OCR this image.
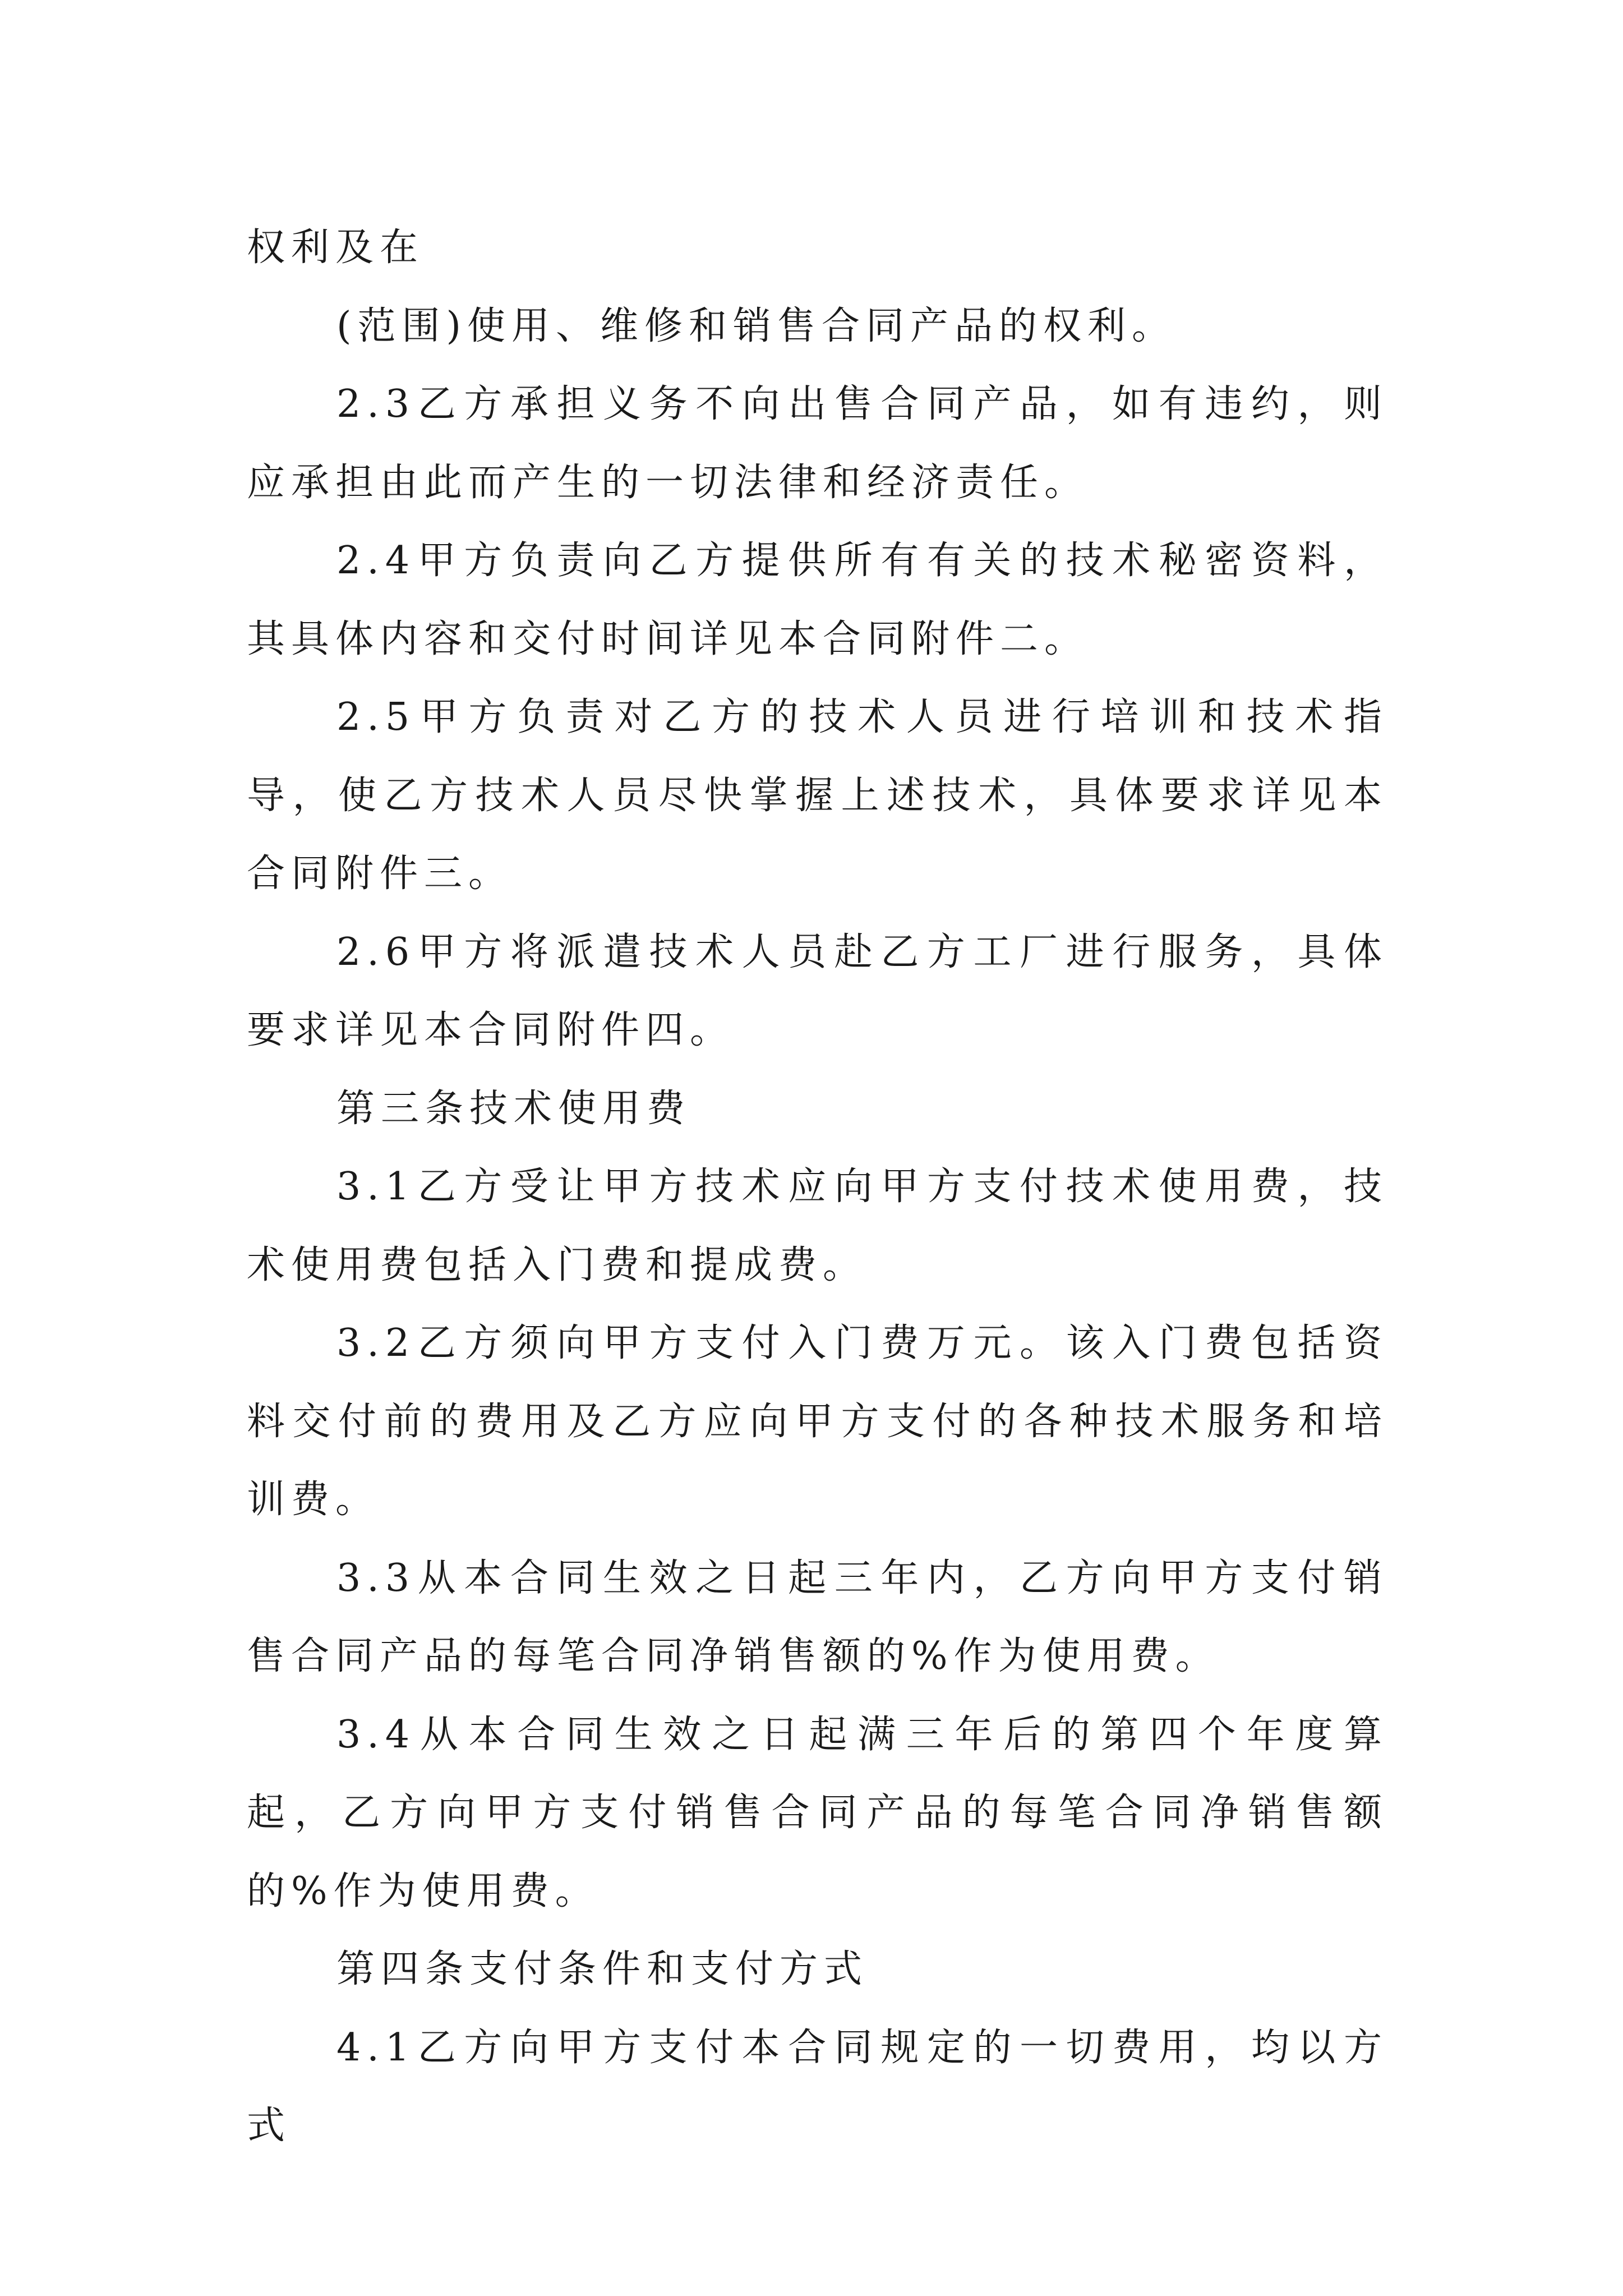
权利及在

(范围)使用、维修和销售合同产品的权利。

2.3乙方承担义务不向出售合同产品，如有违约，则应承担由此而产生的一切法律和经济责任。

2.4甲方负责向乙方提供所有有关的技术秘密资料，其具体内容和交付时间详见本合同附件二。

2.5甲方负责对乙方的技术人员进行培训和技术指导，使乙方技术人员尽快掌握上述技术，具体要求详见本合同附件三。

2.6甲方将派遣技术人员赴乙方工厂进行服务，具体要求详见本合同附件四。

第三条技术使用费

3.1乙方受让甲方技术应向甲方支付技术使用费，技术使用费包括入门费和提成费。

3.2乙方须向甲方支付入门费万元。该入门费包括资料交付前的费用及乙方应向甲方支付的各种技术服务和培训费。

3.3从本合同生效之日起三年内，乙方向甲方支付销售合同产品的每笔合同净销售额的%作为使用费。

3.4从本合同生效之日起满三年后的第四个年度算起，乙方向甲方支付销售合同产品的每笔合同净销售额的%作为使用费。

第四条支付条件和支付方式

4.1乙方向甲方支付本合同规定的一切费用，均以方式
